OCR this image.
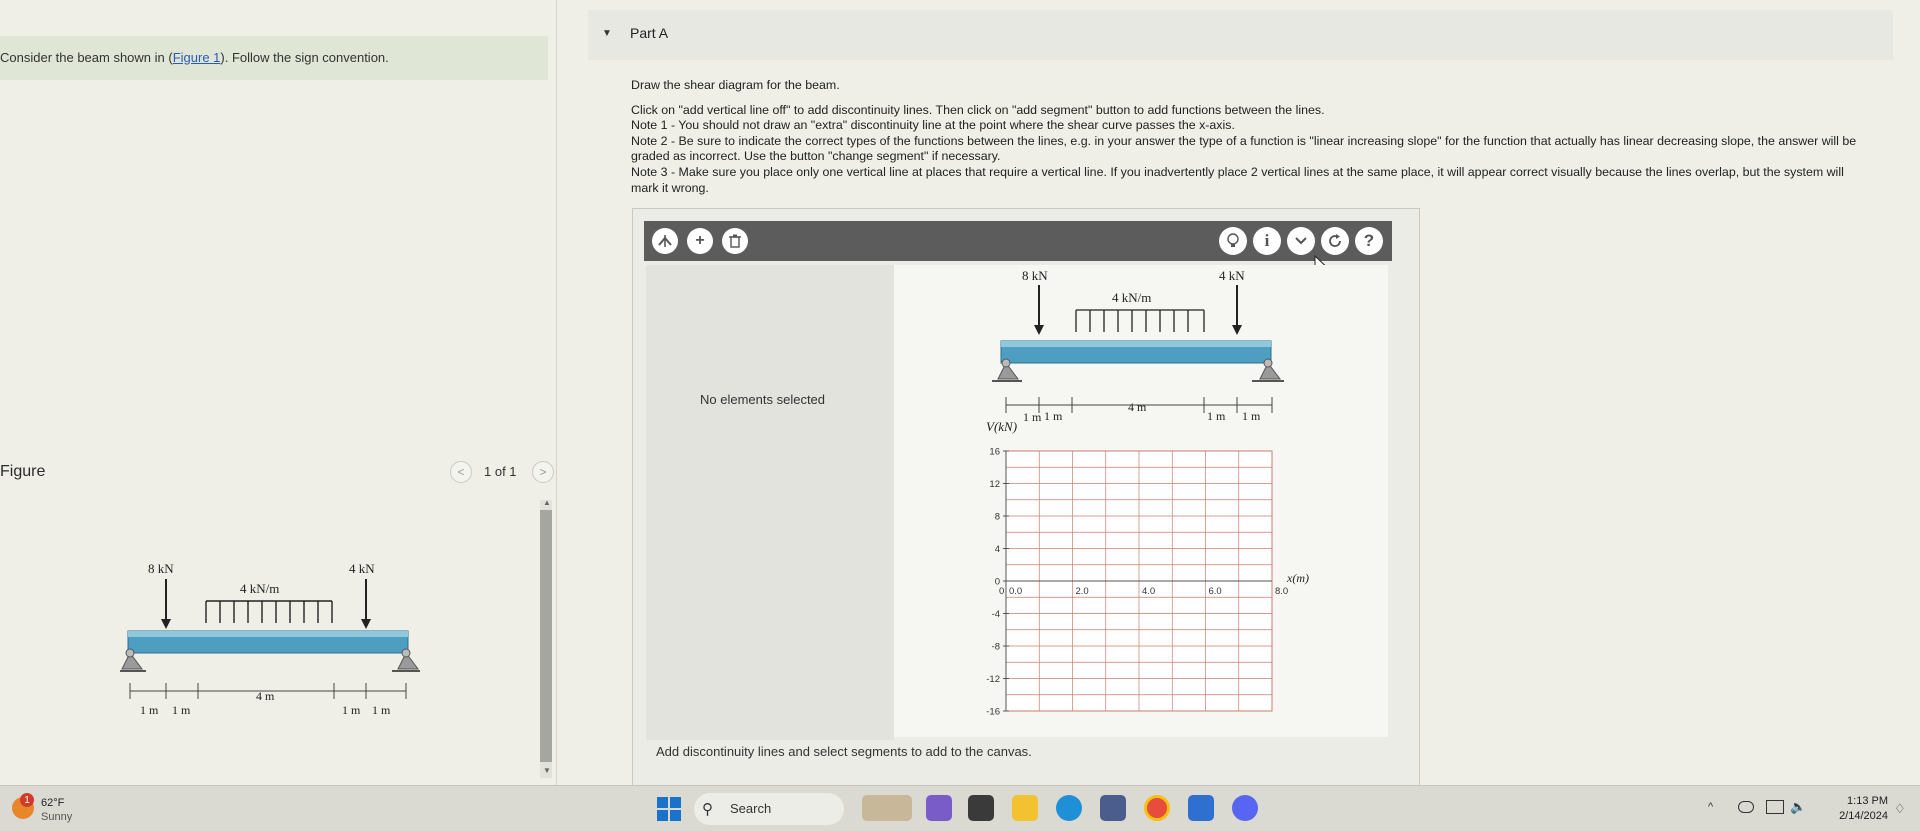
Consider the beam shown in (Figure 1). Follow the sign convention.
Figure	<	1 of 1	>
▲
▼
8 kN	4 kN
4 kN/m
1 m 1 m
4 m
1 m 1 m
▼ Part A

Draw the shear diagram for the beam.

Click on "add vertical line off" to add discontinuity lines. Then click on "add segment" button to add functions between the lines.

Note 1 - You should not draw an "extra" discontinuity line at the point where the shear curve passes the x-axis.

Note 2 - Be sure to indicate the correct types of the functions between the lines, e.g. in your answer the type of a function is "linear increasing slope" for the function that actually has linear decreasing slope, the answer will be graded as incorrect. Use the button "change segment" if necessary.

Note 3 - Make sure you place only one vertical line at places that require a vertical line. If you inadvertently place 2 vertical lines at the same place, it will appear correct visually because the lines overlap, but the system will mark it wrong.

+	i	?
No elements selected
Add discontinuity lines and select segments to add to the canvas.
8 kN	4 kN
4 kN/m
4 m
1 m
1 m	1 m 1 m
V(kN)
x(m)
16
12
8
4
0
-4
-8
-12
-16
0.0	2.0	4.0	6.0	8.0
0
1	62°F
Sunny	⚲ Search	^	🔈	1:13 PM
2/14/2024 ♢
